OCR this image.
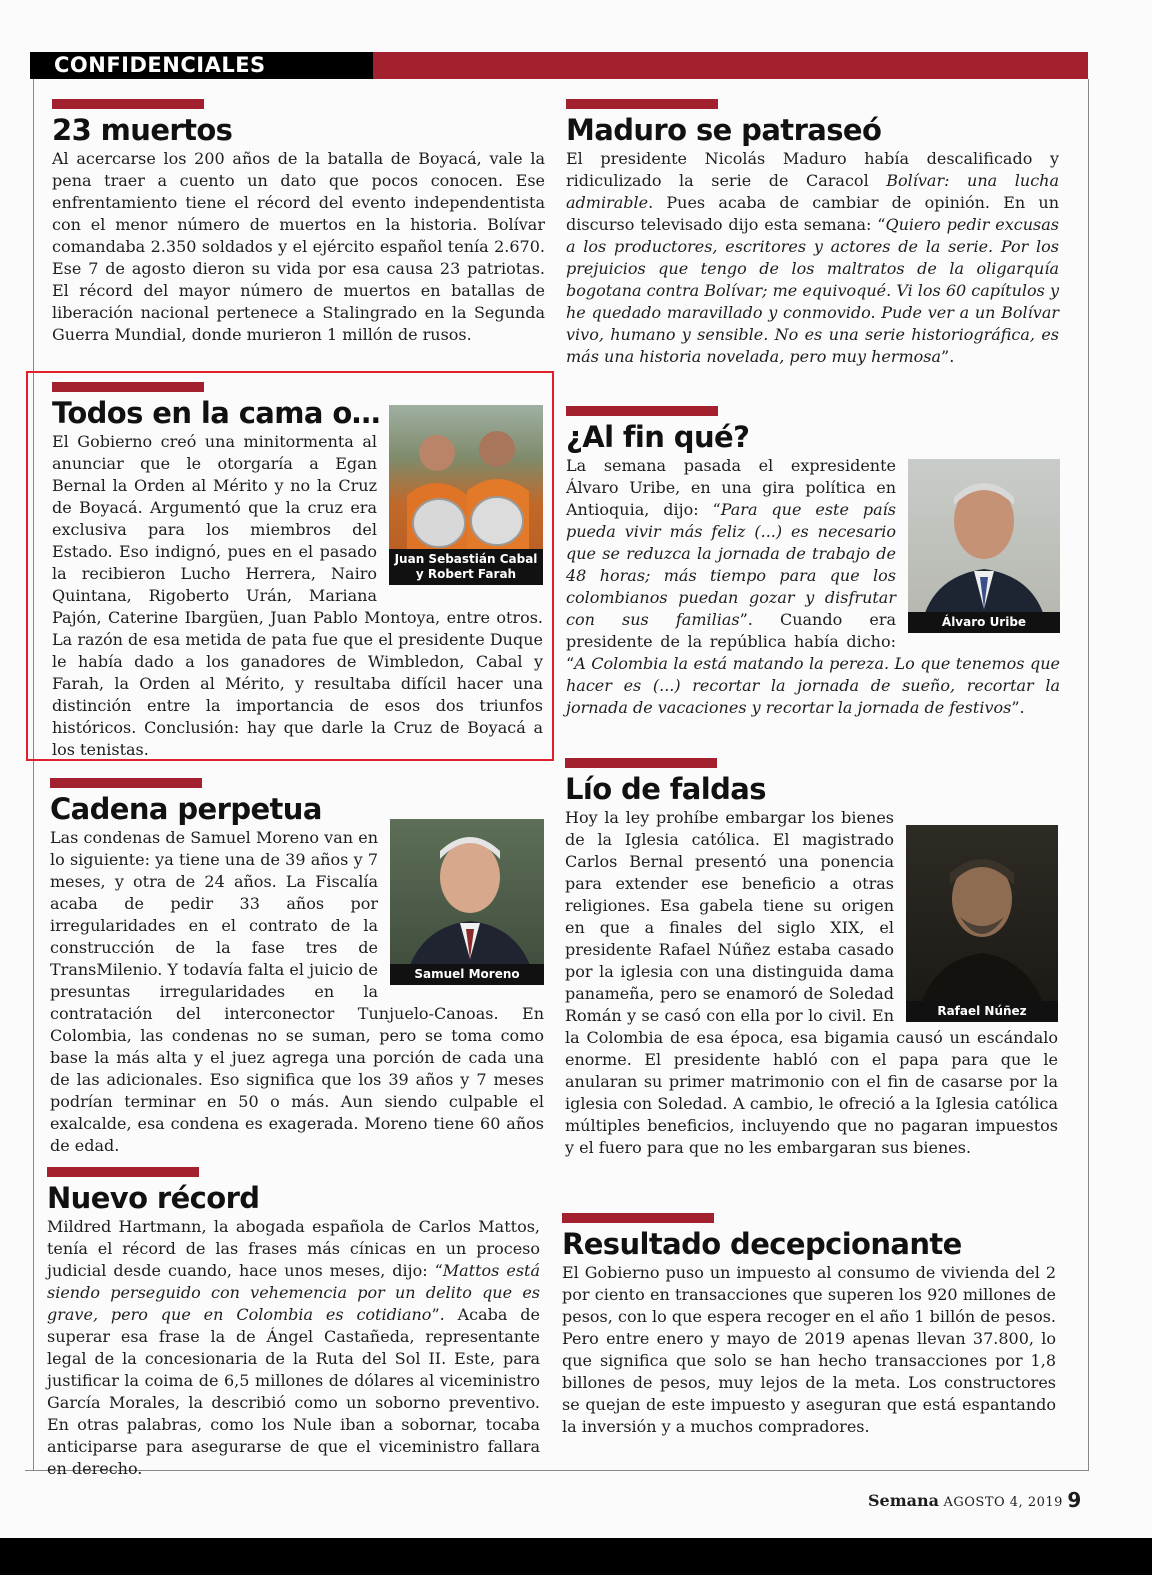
CONFIDENCIALES
23 muertos

Al acercarse los 200 años de la batalla de Boyacá, vale la pena traer a cuento un dato que pocos conocen. Ese enfrentamiento tiene el récord del evento independentista con el menor número de muertos en la historia. Bolívar comandaba 2.350 soldados y el ejército español tenía 2.670. Ese 7 de agosto dieron su vida por esa causa 23 patriotas. El récord del mayor número de muertos en batallas de liberación nacional pertenece a Stalingrado en la Segunda Guerra Mundial, donde murieron 1 millón de rusos.

Maduro se patraseó

El presidente Nicolás Maduro había descalificado y ridiculizado la serie de Caracol Bolívar: una lucha admirable. Pues acaba de cambiar de opinión. En un discurso televisado dijo esta semana: “Quiero pedir excusas a los productores, escritores y actores de la serie. Por los prejuicios que tengo de los maltratos de la oligarquía bogotana contra Bolívar; me equivoqué. Vi los 60 capítulos y he quedado maravillado y conmovido. Pude ver a un Bolívar vivo, humano y sensible. No es una serie historiográfica, es más una historia novelada, pero muy hermosa”.

Todos en la cama o…
Juan Sebastián Cabal y Robert Farah

El Gobierno creó una minitormenta al anunciar que le otorgaría a Egan Bernal la Orden al Mérito y no la Cruz de Boyacá. Argumentó que la cruz era exclusiva para los miembros del Estado. Eso indignó, pues en el pasado la recibieron Lucho Herrera, Nairo Quintana, Rigoberto Urán, Mariana Pajón, Caterine Ibargüen, Juan Pablo Montoya, entre otros. La razón de esa metida de pata fue que el presidente Duque le había dado a los ganadores de Wimbledon, Cabal y Farah, la Orden al Mérito, y resultaba difícil hacer una distinción entre la importancia de esos dos triunfos históricos. Conclusión: hay que darle la Cruz de Boyacá a los tenistas.

¿Al fin qué?
Álvaro Uribe

La semana pasada el expresidente Álvaro Uribe, en una gira política en Antioquia, dijo: “Para que este país pueda vivir más feliz (...) es necesario que se reduzca la jornada de trabajo de 48 horas; más tiempo para que los colombianos puedan gozar y disfrutar con sus familias”. Cuando era presidente de la república había dicho: “A Colombia la está matando la pereza. Lo que tenemos que hacer es (...) recortar la jornada de sueño, recortar la jornada de vacaciones y recortar la jornada de festivos”.

Cadena perpetua
Samuel Moreno

Las condenas de Samuel Moreno van en lo siguiente: ya tiene una de 39 años y 7 meses, y otra de 24 años. La Fiscalía acaba de pedir 33 años por irregularidades en el contrato de la construcción de la fase tres de TransMilenio. Y todavía falta el juicio de presuntas irregularidades en la contratación del interconector Tunjuelo-Canoas. En Colombia, las condenas no se suman, pero se toma como base la más alta y el juez agrega una porción de cada una de las adicionales. Eso significa que los 39 años y 7 meses podrían terminar en 50 o más. Aun siendo culpable el exalcalde, esa condena es exagerada. Moreno tiene 60 años de edad.

Lío de faldas
Rafael Núñez

Hoy la ley prohíbe embargar los bienes de la Iglesia católica. El magistrado Carlos Bernal presentó una ponencia para extender ese beneficio a otras religiones. Esa gabela tiene su origen en que a finales del siglo XIX, el presidente Rafael Núñez estaba casado por la iglesia con una distinguida dama panameña, pero se enamoró de Soledad Román y se casó con ella por lo civil. En la Colombia de esa época, esa bigamia causó un escándalo enorme. El presidente habló con el papa para que le anularan su primer matrimonio con el fin de casarse por la iglesia con Soledad. A cambio, le ofreció a la Iglesia católica múltiples beneficios, incluyendo que no pagaran impuestos y el fuero para que no les embargaran sus bienes.

Nuevo récord

Mildred Hartmann, la abogada española de Carlos Mattos, tenía el récord de las frases más cínicas en un proceso judicial desde cuando, hace unos meses, dijo: “Mattos está siendo perseguido con vehemencia por un delito que es grave, pero que en Colombia es cotidiano”. Acaba de superar esa frase la de Ángel Castañeda, representante legal de la concesionaria de la Ruta del Sol II. Este, para justificar la coima de 6,5 millones de dólares al viceministro García Morales, la describió como un soborno preventivo. En otras palabras, como los Nule iban a sobornar, tocaba anticiparse para asegurarse de que el viceministro fallara en derecho.

Resultado decepcionante

El Gobierno puso un impuesto al consumo de vivienda del 2 por ciento en transacciones que superen los 920 millones de pesos, con lo que espera recoger en el año 1 billón de pesos. Pero entre enero y mayo de 2019 apenas llevan 37.800, lo que significa que solo se han hecho transacciones por 1,8 billones de pesos, muy lejos de la meta. Los constructores se quejan de este impuesto y aseguran que está espantando la inversión y a muchos compradores.

Semana AGOSTO 4, 2019 9
